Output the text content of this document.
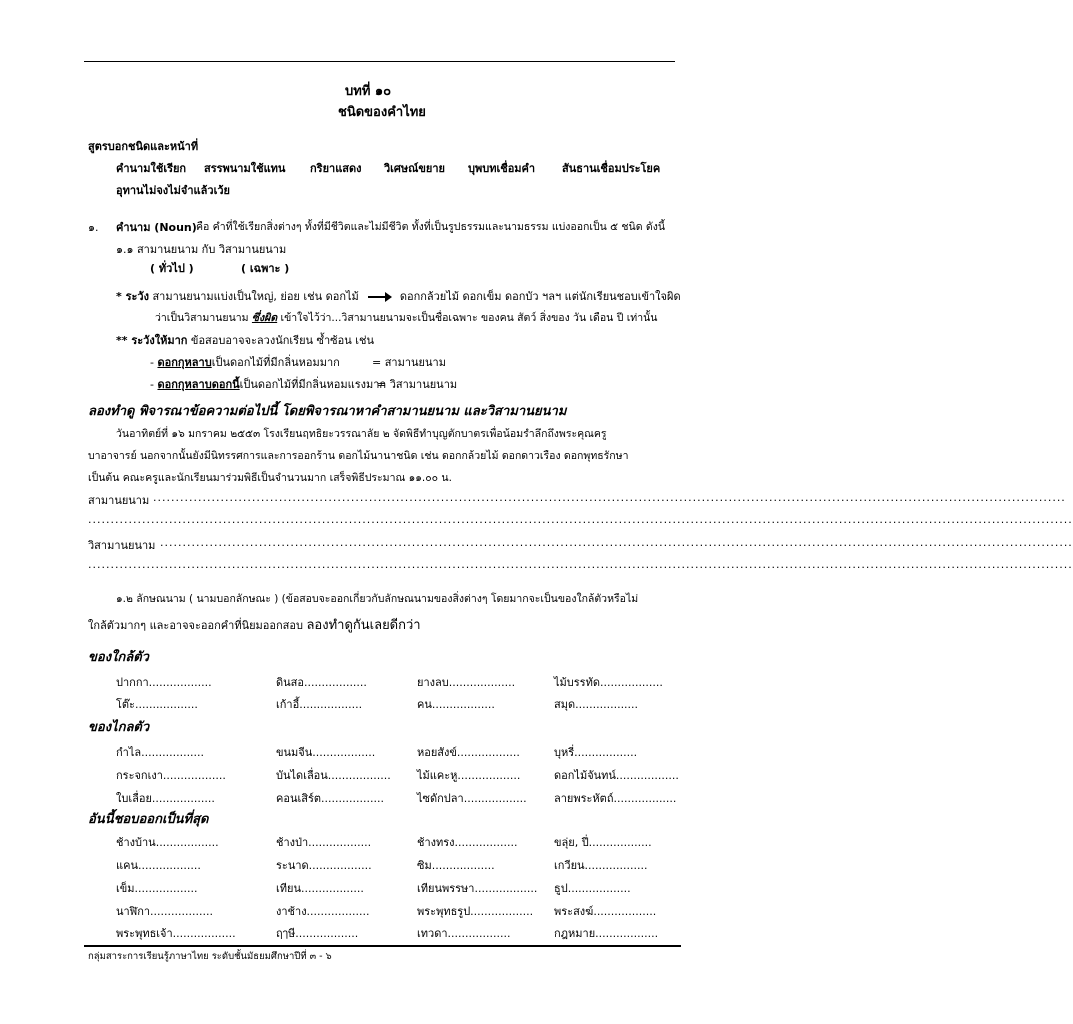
บทที่ ๑๐
ชนิดของคำไทย
สูตรบอกชนิดและหน้าที่
คำนามใช้เรียก สรรพนามใช้แทน กริยาแสดง วิเศษณ์ขยาย บุพบทเชื่อมคำ สันธานเชื่อมประโยค
อุทานไม่จงไม่จำแล้วเว้ย
๑. คำนาม (Noun) คือ คำที่ใช้เรียกสิ่งต่างๆ ทั้งที่มีชีวิตและไม่มีชีวิต ทั้งที่เป็นรูปธรรมและนามธรรม แบ่งออกเป็น ๕ ชนิด ดังนี้
๑.๑ สามานยนาม กับ วิสามานยนาม
( ทั่วไป )	( เฉพาะ )
* ระวัง สามานยนามแบ่งเป็นใหญ่, ย่อย เช่น ดอกไม้	ดอกกล้วยไม้ ดอกเข็ม ดอกบัว ฯลฯ แต่นักเรียนชอบเข้าใจผิด
ว่าเป็นวิสามานยนาม ซึ่งผิด เข้าใจไว้ว่า...วิสามานยนามจะเป็นชื่อเฉพาะ ของคน สัตว์ สิ่งของ วัน เดือน ปี เท่านั้น
** ระวังให้มาก ข้อสอบอาจจะลวงนักเรียน ซ้ำซ้อน เช่น
- ดอกกุหลาบเป็นดอกไม้ที่มีกลิ่นหอมมาก	= สามานยนาม
- ดอกกุหลาบดอกนี้เป็นดอกไม้ที่มีกลิ่นหอมแรงมาก
= วิสามานยนาม
ลองทำดู พิจารณาข้อความต่อไปนี้ โดยพิจารณาหาคำสามานยนาม และวิสามานยนาม
วันอาทิตย์ที่ ๑๖ มกราคม ๒๕๕๓ โรงเรียนฤทธิยะวรรณาลัย ๒ จัดพิธีทำบุญตักบาตรเพื่อน้อมรำลึกถึงพระคุณครู
บาอาจารย์ นอกจากนั้นยังมีนิทรรศการและการออกร้าน ดอกไม้นานาชนิด เช่น ดอกกล้วยไม้ ดอกดาวเรือง ดอกพุทธรักษา
เป็นต้น คณะครูและนักเรียนมาร่วมพิธีเป็นจำนวนมาก เสร็จพิธีประมาณ ๑๑.๐๐ น.
สามานยนาม ...........................................................................................................................................................................................................
...........................................................................................................................................................................................................................
วิสามานยนาม ...........................................................................................................................................................................................................
...........................................................................................................................................................................................................................
๑.๒ ลักษณนาม ( นามบอกลักษณะ ) (ข้อสอบจะออกเกี่ยวกับลักษณนามของสิ่งต่างๆ โดยมากจะเป็นของใกล้ตัวหรือไม่
ใกล้ตัวมากๆ และอาจจะออกคำที่นิยมออกสอบ ลองทำดูกันเลยดีกว่า
ของใกล้ตัว
ปากกา..................	ดินสอ..................	ยางลบ...................	ไม้บรรทัด..................
โต๊ะ..................	เก้าอี้..................	คน..................	สมุด..................
ของไกลตัว
กำไล..................	ขนมจีน..................	หอยสังข์..................	บุหรี่..................
กระจกเงา..................	บันไดเลื่อน.................. ไม้แคะหู..................	ดอกไม้จันทน์..................
ใบเลื่อย..................	คอนเสิร์ต..................	ไซดักปลา.................. ลายพระหัตถ์..................
อันนี้ชอบออกเป็นที่สุด
ช้างบ้าน..................	ช้างป่า..................	ช้างทรง..................	ขลุ่ย, ปี่..................
แคน..................	ระนาด..................	ซิม..................	เกวียน..................
เข็ม..................	เทียน..................	เทียนพรรษา.................. ธูป..................
นาฬิกา..................	งาช้าง..................	พระพุทธรูป.................. พระสงฆ์..................
พระพุทธเจ้า..................	ฤๅษี..................	เทวดา..................	กฎหมาย..................
กลุ่มสาระการเรียนรู้ภาษาไทย ระดับชั้นมัธยมศึกษาปีที่ ๓ - ๖
